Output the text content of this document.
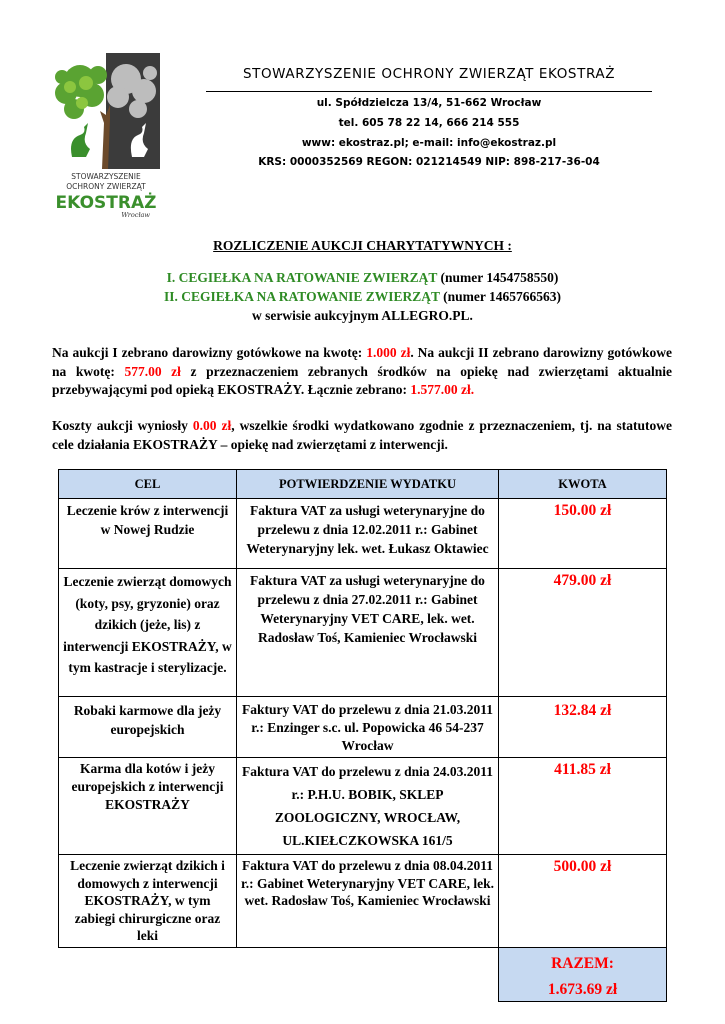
STOWARZYSZENIE
OCHRONY ZWIERZĄT
EKOSTRAŻ
Wrocław
STOWARZYSZENIE OCHRONY ZWIERZĄT EKOSTRAŻ
ul. Spółdzielcza 13/4, 51-662 Wrocław
tel. 605 78 22 14, 666 214 555
www: ekostraz.pl; e-mail: info@ekostraz.pl
KRS: 0000352569 REGON: 021214549 NIP: 898-217-36-04
ROZLICZENIE AUKCJI CHARYTATYWNYCH :
I. CEGIEŁKA NA RATOWANIE ZWIERZĄT (numer 1454758550)
II. CEGIEŁKA NA RATOWANIE ZWIERZĄT (numer 1465766563)
w serwisie aukcyjnym ALLEGRO.PL.
Na aukcji I zebrano darowizny gotówkowe na kwotę: 1.000 zł. Na aukcji II zebrano darowizny gotówkowe na kwotę: 577.00 zł z przeznaczeniem zebranych środków na opiekę nad zwierzętami aktualnie przebywającymi pod opieką EKOSTRAŻY. Łącznie zebrano: 1.577.00 zł.
Koszty aukcji wyniosły 0.00 zł, wszelkie środki wydatkowano zgodnie z przeznaczeniem, tj. na statutowe cele działania EKOSTRAŻY – opiekę nad zwierzętami z interwencji.
CEL	POTWIERDZENIE WYDATKU	KWOTA
Leczenie krów z interwencji w Nowej Rudzie	Faktura VAT za usługi weterynaryjne do przelewu z dnia 12.02.2011 r.: Gabinet Weterynaryjny lek. wet. Łukasz Oktawiec	150.00 zł
Leczenie zwierząt domowych (koty, psy, gryzonie) oraz dzikich (jeże, lis) z interwencji EKOSTRAŻY, w tym kastracje i sterylizacje.	Faktura VAT za usługi weterynaryjne do przelewu z dnia 27.02.2011 r.: Gabinet Weterynaryjny VET CARE, lek. wet. Radosław Toś, Kamieniec Wrocławski	479.00 zł
Robaki karmowe dla jeży europejskich	Faktury VAT do przelewu z dnia 21.03.2011 r.: Enzinger s.c. ul. Popowicka 46 54-237 Wrocław	132.84 zł
Karma dla kotów i jeży europejskich z interwencji EKOSTRAŻY	Faktura VAT do przelewu z dnia 24.03.2011 r.: P.H.U. BOBIK, SKLEP ZOOLOGICZNY, WROCŁAW, UL.KIEŁCZKOWSKA 161/5	411.85 zł
Leczenie zwierząt dzikich i domowych z interwencji EKOSTRAŻY, w tym zabiegi chirurgiczne oraz leki	Faktura VAT do przelewu z dnia 08.04.2011 r.: Gabinet Weterynaryjny VET CARE, lek. wet. Radosław Toś, Kamieniec Wrocławski	500.00 zł

		RAZEM:
1.673.69 zł
